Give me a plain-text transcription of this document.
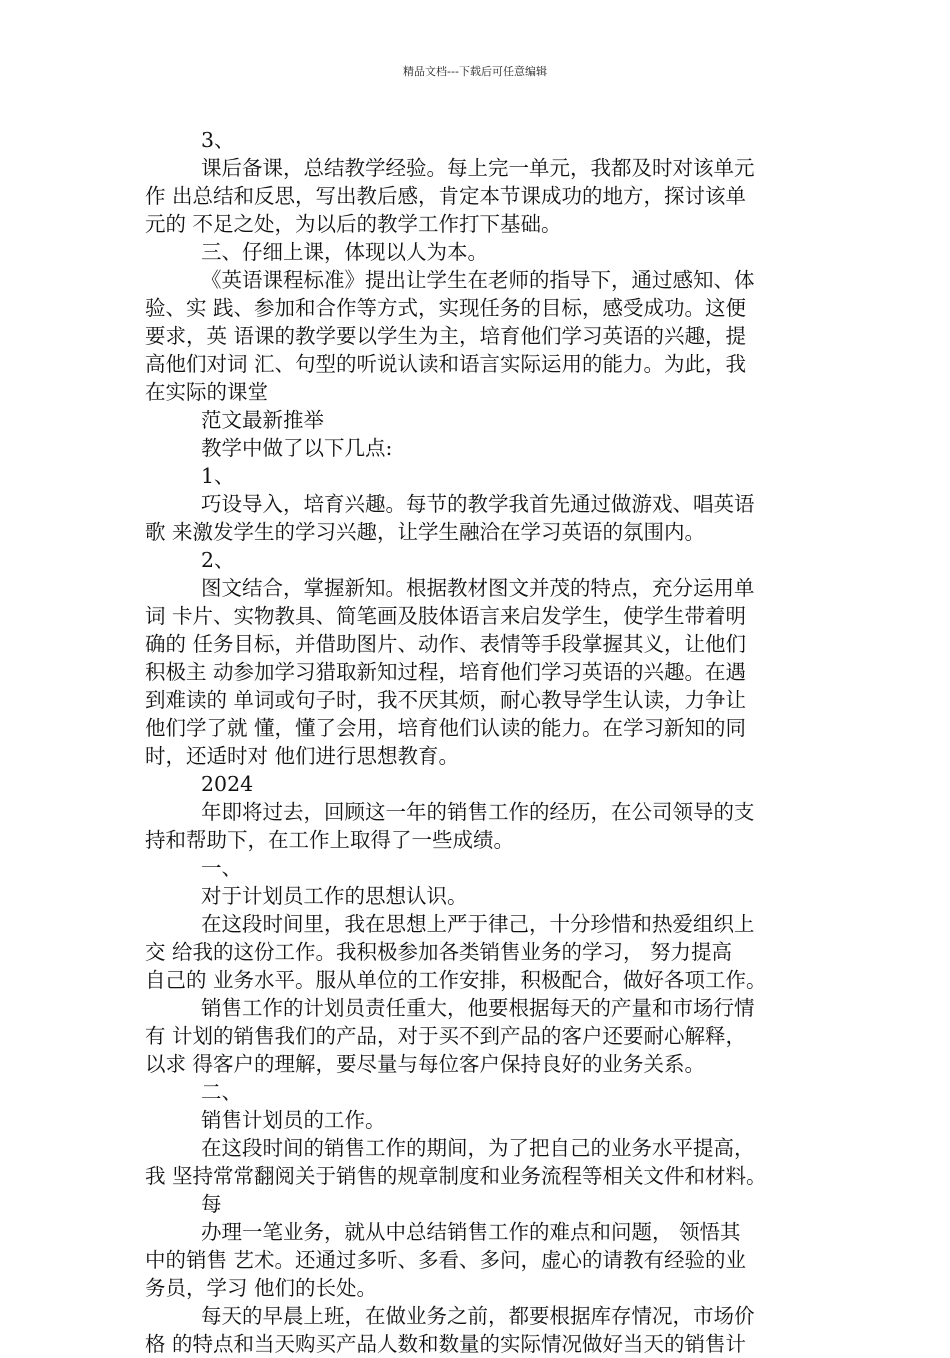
精品文档---下载后可任意编辑
3、
课后备课，总结教学经验。每上完一单元，我都及时对该单元
作 出总结和反思，写出教后感，肯定本节课成功的地方，探讨该单
元的 不足之处，为以后的教学工作打下基础。
三、仔细上课，体现以人为本。
《英语课程标准》提出让学生在老师的指导下，通过感知、体
验、实 践、参加和合作等方式，实现任务的目标，感受成功。这便
要求，英 语课的教学要以学生为主，培育他们学习英语的兴趣，提
高他们对词 汇、句型的听说认读和语言实际运用的能力。为此，我
在实际的课堂
范文最新推举
教学中做了以下几点:
1、
巧设导入，培育兴趣。每节的教学我首先通过做游戏、唱英语
歌 来激发学生的学习兴趣，让学生融洽在学习英语的氛围内。
2、
图文结合，掌握新知。根据教材图文并茂的特点，充分运用单
词 卡片、实物教具、简笔画及肢体语言来启发学生，使学生带着明
确的 任务目标，并借助图片、动作、表情等手段掌握其义，让他们
积极主 动参加学习猎取新知过程，培育他们学习英语的兴趣。在遇
到难读的 单词或句子时，我不厌其烦，耐心教导学生认读，力争让
他们学了就 懂，懂了会用，培育他们认读的能力。在学习新知的同
时，还适时对 他们进行思想教育。
2024
年即将过去，回顾这一年的销售工作的经历，在公司领导的支
持和帮助下，在工作上取得了一些成绩。
一、
对于计划员工作的思想认识。
在这段时间里，我在思想上严于律己，十分珍惜和热爱组织上
交 给我的这份工作。我积极参加各类销售业务的学习， 努力提高
自己的 业务水平。服从单位的工作安排，积极配合，做好各项工作。
销售工作的计划员责任重大，他要根据每天的产量和市场行情
有 计划的销售我们的产品，对于买不到产品的客户还要耐心解释，
以求 得客户的理解，要尽量与每位客户保持良好的业务关系。
二、
销售计划员的工作。
在这段时间的销售工作的期间，为了把自己的业务水平提高，
我 坚持常常翻阅关于销售的规章制度和业务流程等相关文件和材料。
每
办理一笔业务，就从中总结销售工作的难点和问题， 领悟其
中的销售 艺术。还通过多听、多看、多问，虚心的请教有经验的业
务员，学习 他们的长处。
每天的早晨上班，在做业务之前，都要根据库存情况，市场价
格 的特点和当天购买产品人数和数量的实际情况做好当天的销售计
